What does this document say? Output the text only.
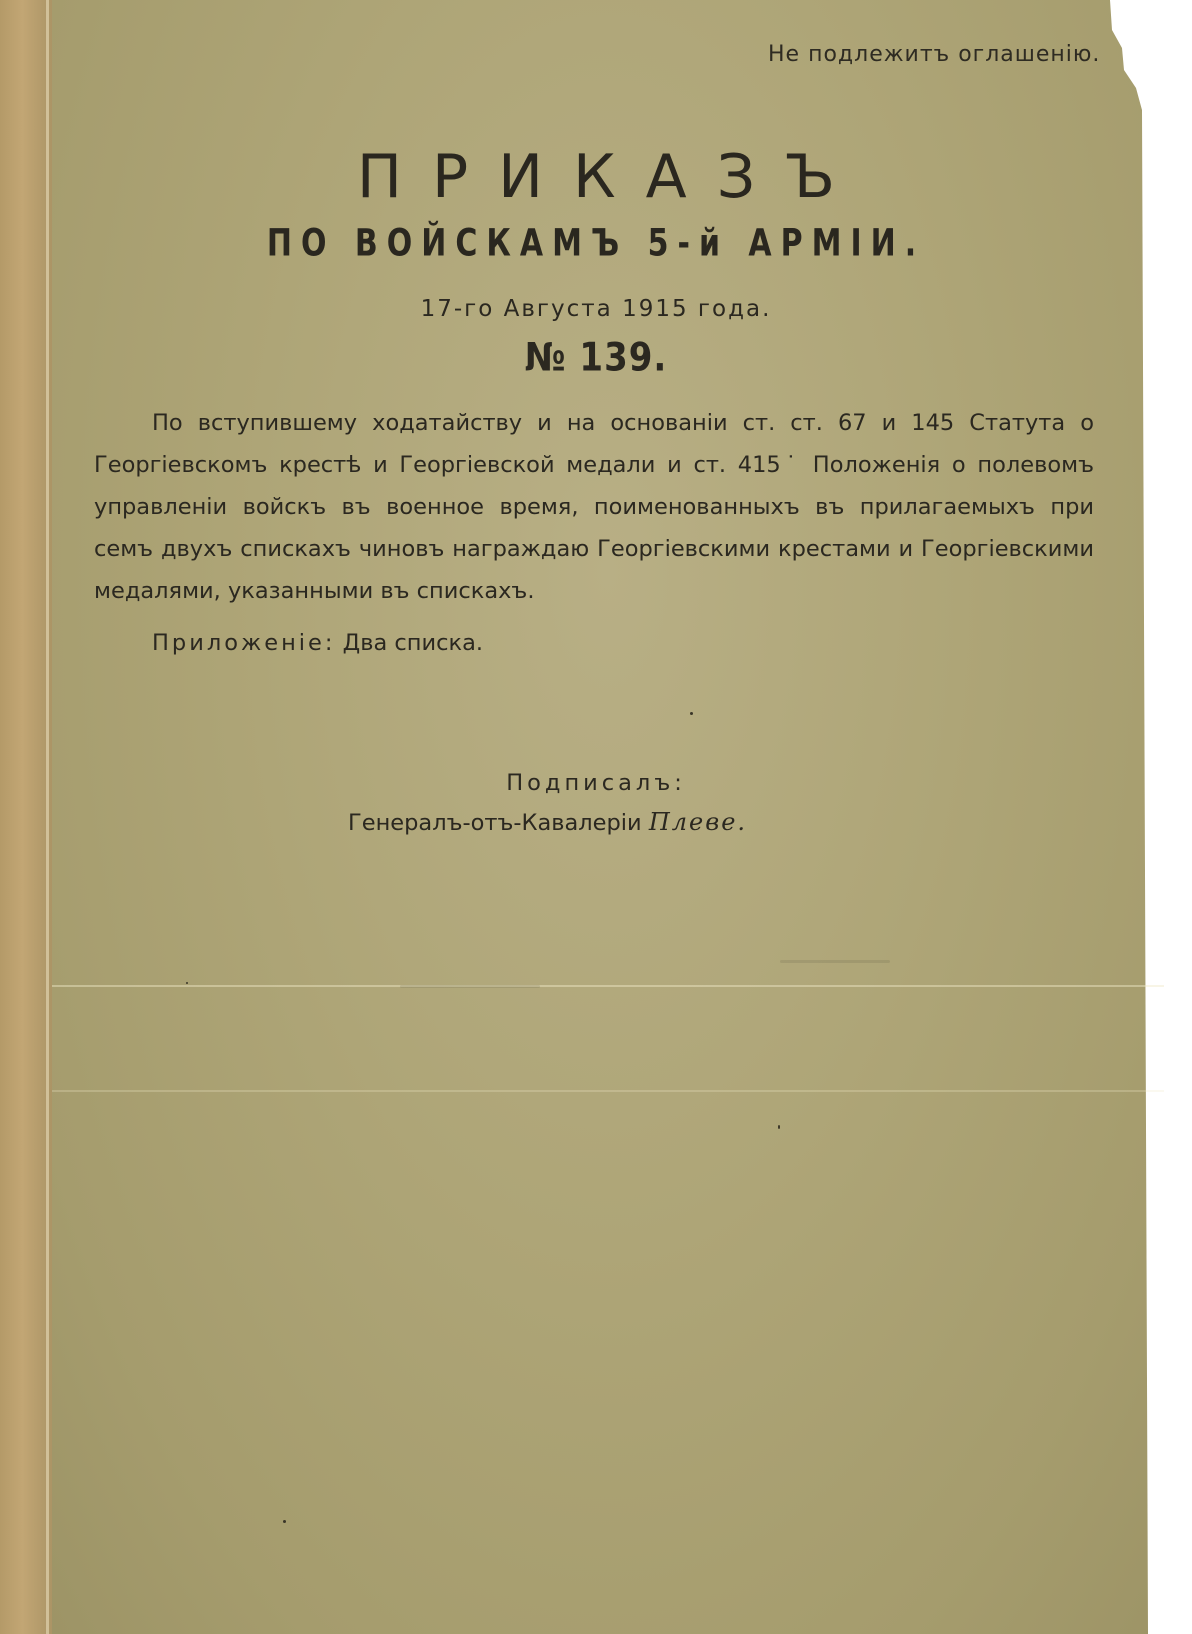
Не подлежитъ оглашенію.
ПРИКАЗЪ
ПО ВОЙСКАМЪ 5-й АРМІИ.
17-го Августа 1915 года.
№ 139.
По вступившему ходатайству и на основаніи ст. ст. 67 и 145 Статута о
Георгіевскомъ крестѣ и Георгіевской медали и ст. 415˙ Положенія о полевомъ
управленіи войскъ въ военное время, поименованныхъ въ прилагаемыхъ при
семъ двухъ спискахъ чиновъ награждаю Георгіевскими крестами и Георгіевскими
медалями, указанными въ спискахъ.
Приложеніе: Два списка.
Подписалъ:
Генералъ-отъ-Кавалеріи Плеве.
